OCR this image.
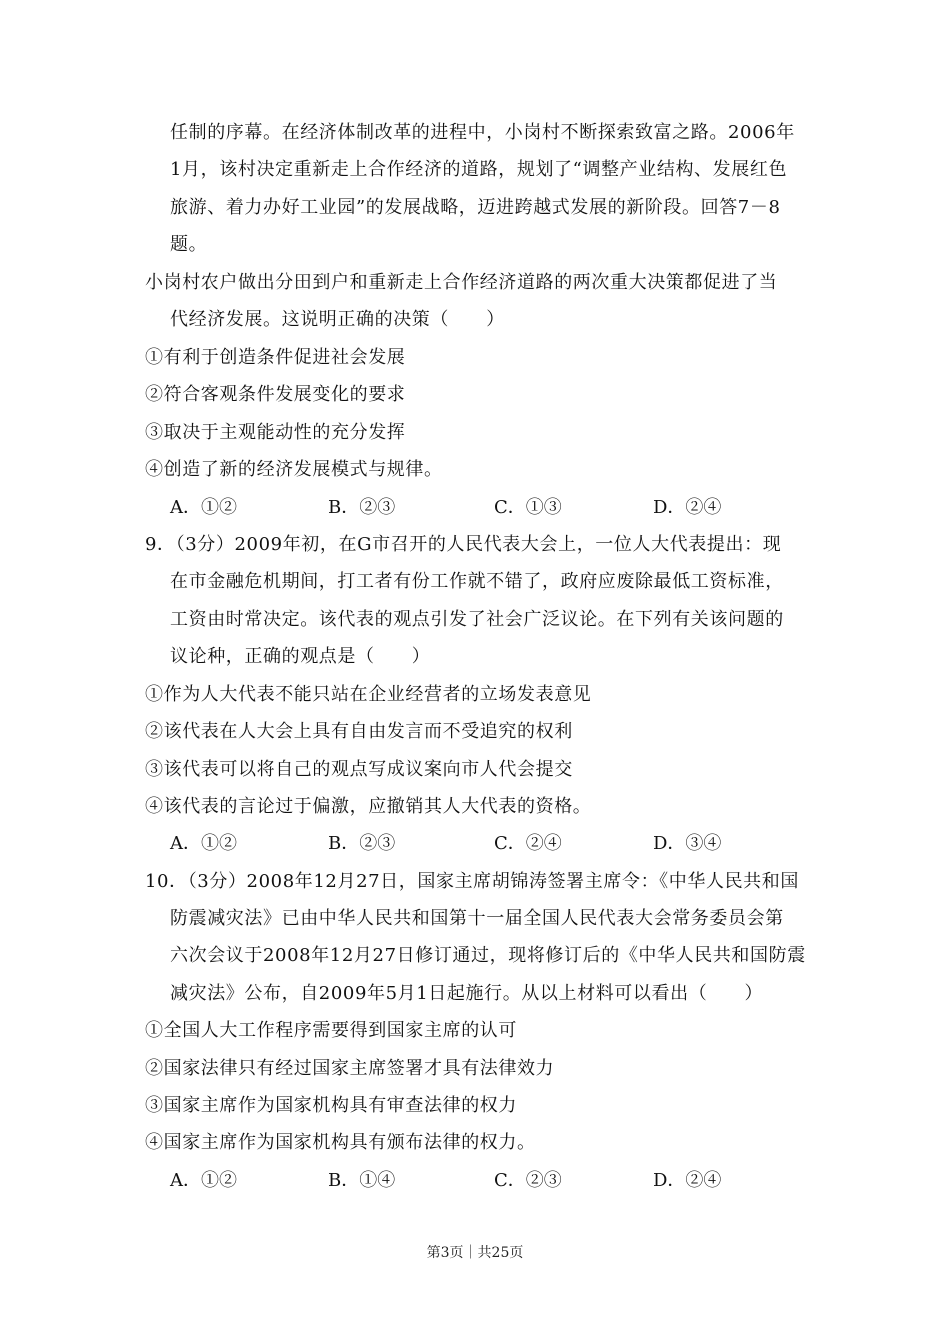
任制的序幕。在经济体制改革的进程中，小岗村不断探索致富之路。2006年
1月，该村决定重新走上合作经济的道路，规划了“调整产业结构、发展红色
旅游、着力办好工业园”的发展战略，迈进跨越式发展的新阶段。回答7－8
题。
小岗村农户做出分田到户和重新走上合作经济道路的两次重大决策都促进了当
代经济发展。这说明正确的决策（　　）
①有利于创造条件促进社会发展
②符合客观条件发展变化的要求
③取决于主观能动性的充分发挥
④创造了新的经济发展模式与规律。
A．①②	B．②③	C．①③	D．②④
9．（3分）2009年初，在G市召开的人民代表大会上，一位人大代表提出：现
在市金融危机期间，打工者有份工作就不错了，政府应废除最低工资标准，
工资由时常决定。该代表的观点引发了社会广泛议论。在下列有关该问题的
议论种，正确的观点是（　　）
①作为人大代表不能只站在企业经营者的立场发表意见
②该代表在人大会上具有自由发言而不受追究的权利
③该代表可以将自己的观点写成议案向市人代会提交
④该代表的言论过于偏激，应撤销其人大代表的资格。
A．①②	B．②③	C．②④	D．③④
10．（3分）2008年12月27日，国家主席胡锦涛签署主席令：《中华人民共和国
防震减灾法》已由中华人民共和国第十一届全国人民代表大会常务委员会第
六次会议于2008年12月27日修订通过，现将修订后的《中华人民共和国防震
减灾法》公布，自2009年5月1日起施行。从以上材料可以看出（　　）
①全国人大工作程序需要得到国家主席的认可
②国家法律只有经过国家主席签署才具有法律效力
③国家主席作为国家机构具有审查法律的权力
④国家主席作为国家机构具有颁布法律的权力。
A．①②	B．①④	C．②③	D．②④
第3页｜共25页
